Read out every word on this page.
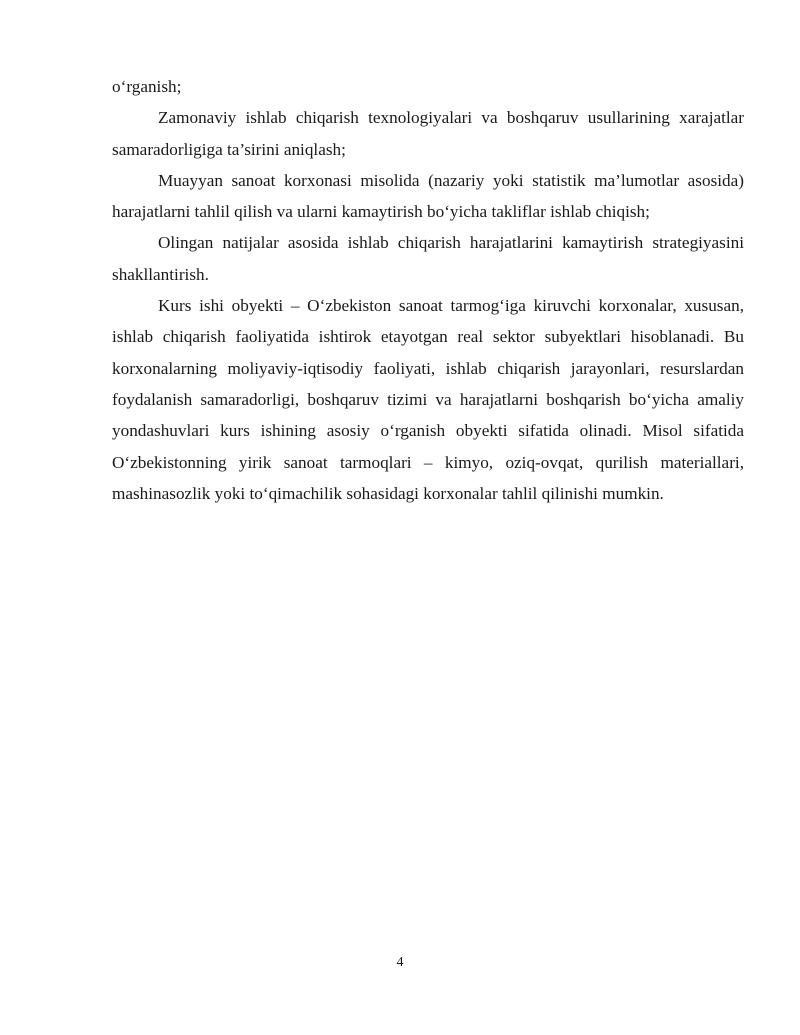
o‘rganish;

Zamonaviy ishlab chiqarish texnologiyalari va boshqaruv usullarining xarajatlar samaradorligiga ta’sirini aniqlash;

Muayyan sanoat korxonasi misolida (nazariy yoki statistik ma’lumotlar asosida) harajatlarni tahlil qilish va ularni kamaytirish bo‘yicha takliflar ishlab chiqish;

Olingan natijalar asosida ishlab chiqarish harajatlarini kamaytirish strategiyasini shakllantirish.

Kurs ishi obyekti – O‘zbekiston sanoat tarmog‘iga kiruvchi korxonalar, xususan, ishlab chiqarish faoliyatida ishtirok etayotgan real sektor subyektlari hisoblanadi. Bu korxonalarning moliyaviy-iqtisodiy faoliyati, ishlab chiqarish jarayonlari, resurslardan foydalanish samaradorligi, boshqaruv tizimi va harajatlarni boshqarish bo‘yicha amaliy yondashuvlari kurs ishining asosiy o‘rganish obyekti sifatida olinadi. Misol sifatida O‘zbekistonning yirik sanoat tarmoqlari – kimyo, oziq-ovqat, qurilish materiallari, mashinasozlik yoki to‘qimachilik sohasidagi korxonalar tahlil qilinishi mumkin.

4
